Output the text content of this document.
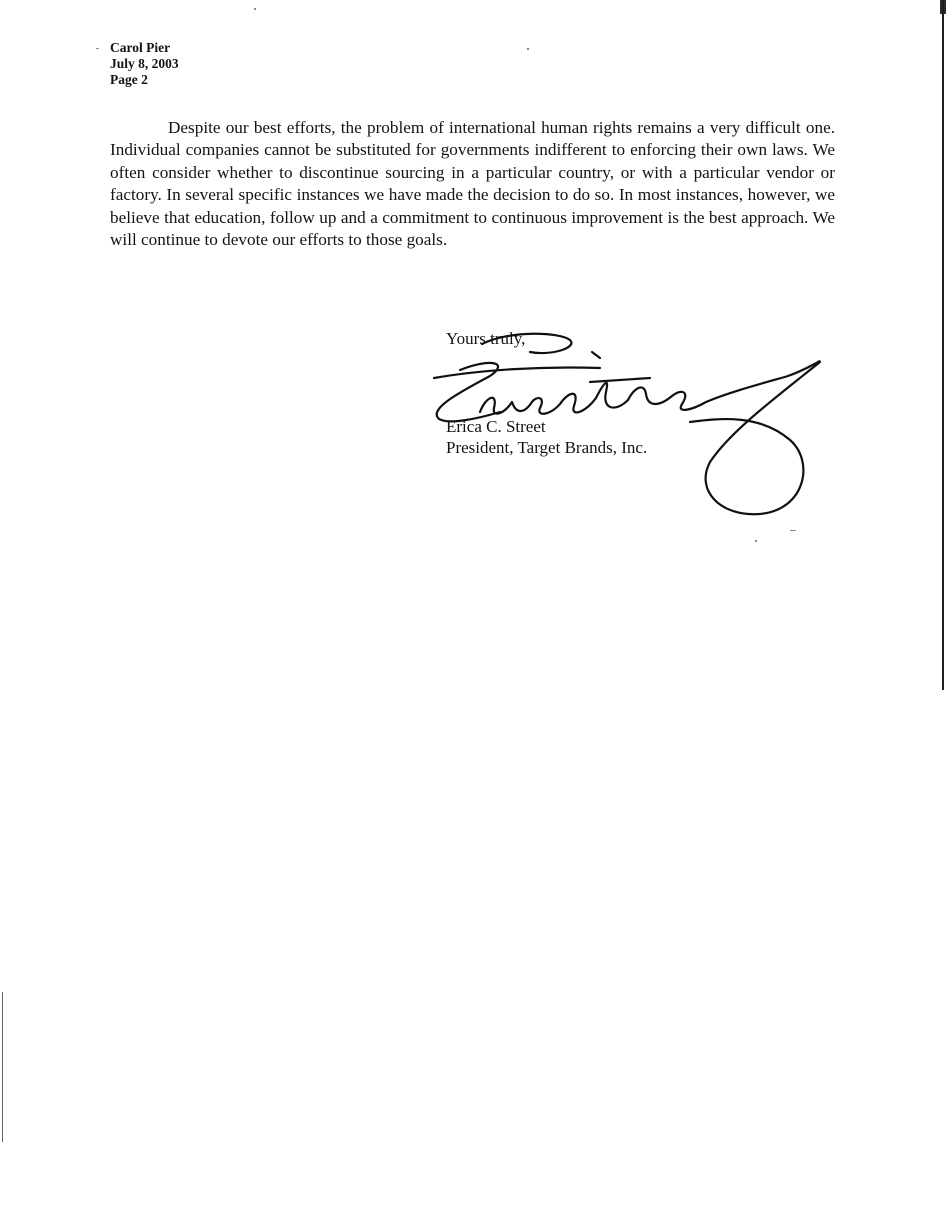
Carol Pier
July 8, 2003
Page 2

Despite our best efforts, the problem of international human rights remains a very difficult one. Individual companies cannot be substituted for governments indifferent to enforcing their own laws. We often consider whether to discontinue sourcing in a particular country, or with a particular vendor or factory. In several specific instances we have made the decision to do so. In most instances, however, we believe that education, follow up and a commitment to continuous improvement is the best approach. We will continue to devote our efforts to those goals.

Yours truly,
Erica C. Street
President, Target Brands, Inc.
